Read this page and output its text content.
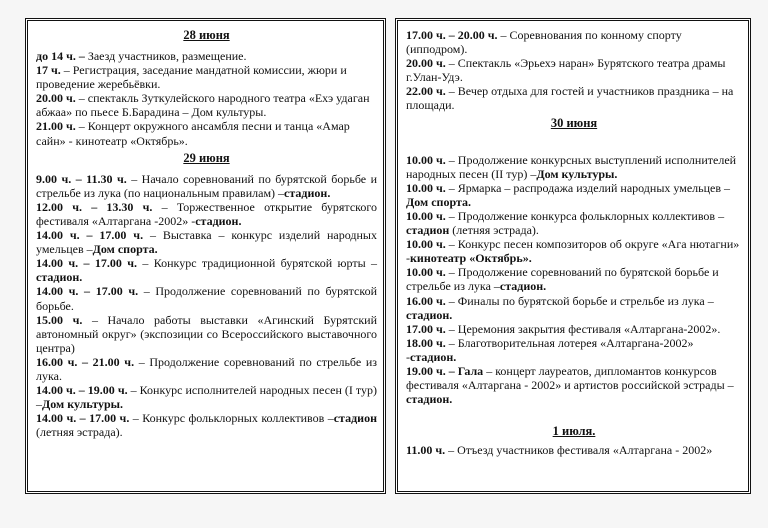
28 июня

до 14 ч. – Заезд участников, размещение.

17 ч. – Регистрация, заседание мандатной комиссии, жюри и проведение жеребьёвки.

20.00 ч. – спектакль Зуткулейского народного театра «Ехэ удаган абжаа» по пьесе Б.Барадина – Дом культуры.

21.00 ч. – Концерт окружного ансамбля песни и танца «Амар сайн» - кинотеатр «Октябрь».

29 июня

9.00 ч. – 11.30 ч. – Начало соревнований по бурятской борьбе и стрельбе из лука (по национальным правилам) –стадион.

12.00 ч. – 13.30 ч. – Торжественное открытие бурятского фестиваля «Алтаргана -2002» -стадион.

14.00 ч. – 17.00 ч. – Выставка – конкурс изделий народных умельцев –Дом спорта.

14.00 ч. – 17.00 ч. – Конкурс традиционной бурятской юрты –стадион.

14.00 ч. – 17.00 ч. – Продолжение соревнований по бурятской борьбе.

15.00 ч. – Начало работы выставки «Агинский Бурятский автономный округ» (экспозиции со Всероссийского выставочного центра)

16.00 ч. – 21.00 ч. – Продолжение соревнований по стрельбе из лука.

14.00 ч. – 19.00 ч. – Конкурс исполнителей народных песен (I тур) –Дом культуры.

14.00 ч. – 17.00 ч. – Конкурс фольклорных коллективов –стадион (летняя эстрада).

17.00 ч. – 20.00 ч. – Соревнования по конному спорту (ипподром).

20.00 ч. – Спектакль «Эрьехэ наран» Бурятского театра драмы г.Улан-Удэ.

22.00 ч. – Вечер отдыха для гостей и участников праздника – на площади.

30 июня

10.00 ч. – Продолжение конкурсных выступлений исполнителей народных песен (II тур) –Дом культуры.

10.00 ч. – Ярмарка – распродажа изделий народных умельцев –Дом спорта.

10.00 ч. – Продолжение конкурса фольклорных коллективов –стадион (летняя эстрада).

10.00 ч. – Конкурс песен композиторов об округе «Ага нютагни» -кинотеатр «Октябрь».

10.00 ч. – Продолжение соревнований по бурятской борьбе и стрельбе из лука –стадион.

16.00 ч. – Финалы по бурятской борьбе и стрельбе из лука –стадион.

17.00 ч. – Церемония закрытия фестиваля «Алтаргана-2002».

18.00 ч. – Благотворительная лотерея «Алтаргана-2002» -стадион.

19.00 ч. – Гала – концерт лауреатов, дипломантов конкурсов фестиваля «Алтаргана - 2002» и артистов российской эстрады –стадион.

1 июля.

11.00 ч. – Отъезд участников фестиваля «Алтаргана - 2002»
